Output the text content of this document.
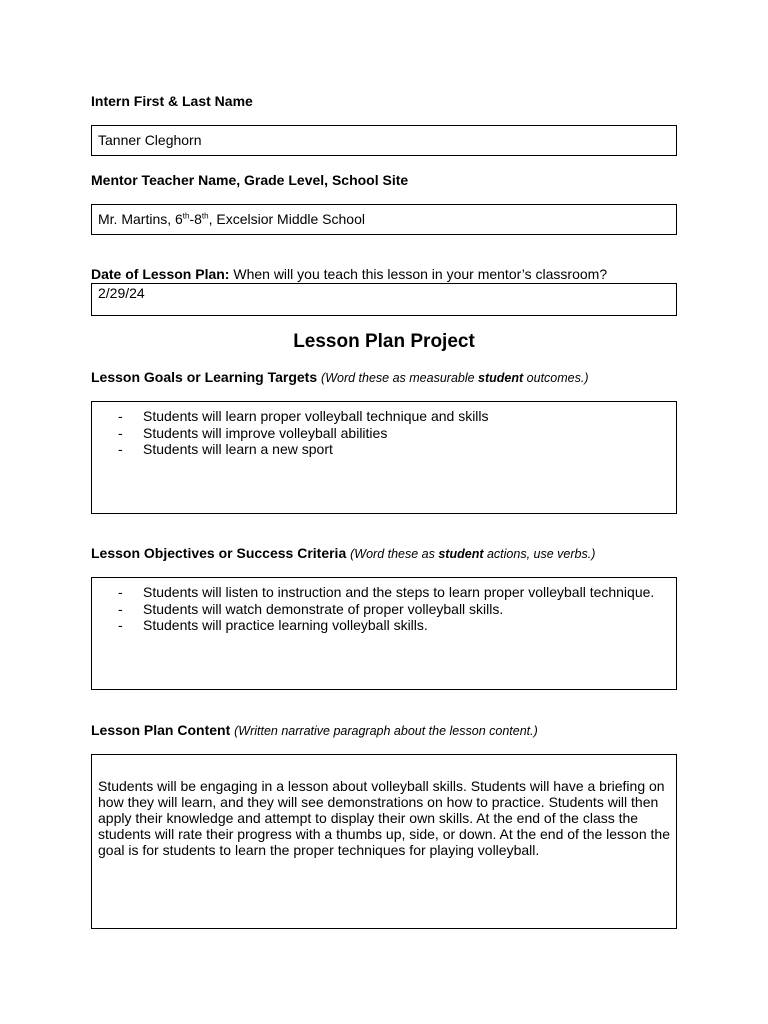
Intern First & Last Name

Tanner Cleghorn

Mentor Teacher Name, Grade Level, School Site

Mr. Martins, 6th-8th, Excelsior Middle School

Date of Lesson Plan: When will you teach this lesson in your mentor’s classroom?

2/29/24
Lesson Plan Project

Lesson Goals or Learning Targets (Word these as measurable student outcomes.)

- Students will learn proper volleyball technique and skills
- Students will improve volleyball abilities
- Students will learn a new sport

Lesson Objectives or Success Criteria (Word these as student actions, use verbs.)

- Students will listen to instruction and the steps to learn proper volleyball technique.
- Students will watch demonstrate of proper volleyball skills.
- Students will practice learning volleyball skills.

Lesson Plan Content (Written narrative paragraph about the lesson content.)

Students will be engaging in a lesson about volleyball skills. Students will have a briefing on
how they will learn, and they will see demonstrations on how to practice. Students will then
apply their knowledge and attempt to display their own skills. At the end of the class the
students will rate their progress with a thumbs up, side, or down. At the end of the lesson the
goal is for students to learn the proper techniques for playing volleyball.
